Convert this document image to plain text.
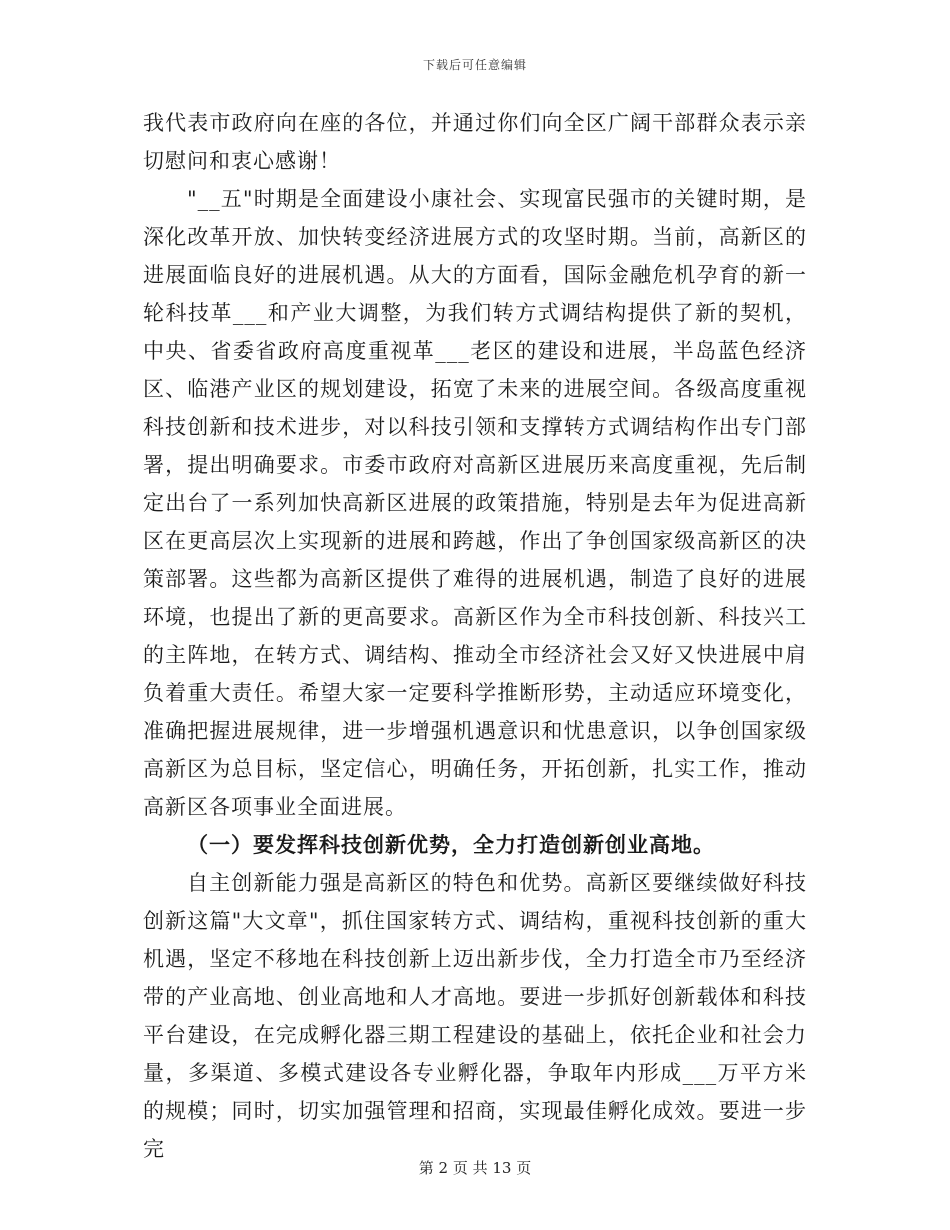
下载后可任意编辑

我代表市政府向在座的各位，并通过你们向全区广阔干部群众表示亲切慰问和衷心感谢！

"__五"时期是全面建设小康社会、实现富民强市的关键时期，是深化改革开放、加快转变经济进展方式的攻坚时期。当前，高新区的进展面临良好的进展机遇。从大的方面看，国际金融危机孕育的新一轮科技革___和产业大调整，为我们转方式调结构提供了新的契机，中央、省委省政府高度重视革___老区的建设和进展，半岛蓝色经济区、临港产业区的规划建设，拓宽了未来的进展空间。各级高度重视科技创新和技术进步，对以科技引领和支撑转方式调结构作出专门部署，提出明确要求。市委市政府对高新区进展历来高度重视，先后制定出台了一系列加快高新区进展的政策措施，特别是去年为促进高新区在更高层次上实现新的进展和跨越，作出了争创国家级高新区的决策部署。这些都为高新区提供了难得的进展机遇，制造了良好的进展环境，也提出了新的更高要求。高新区作为全市科技创新、科技兴工的主阵地，在转方式、调结构、推动全市经济社会又好又快进展中肩负着重大责任。希望大家一定要科学推断形势，主动适应环境变化，准确把握进展规律，进一步增强机遇意识和忧患意识，以争创国家级高新区为总目标，坚定信心，明确任务，开拓创新，扎实工作，推动高新区各项事业全面进展。

（一）要发挥科技创新优势，全力打造创新创业高地。

自主创新能力强是高新区的特色和优势。高新区要继续做好科技创新这篇"大文章"，抓住国家转方式、调结构，重视科技创新的重大机遇，坚定不移地在科技创新上迈出新步伐，全力打造全市乃至经济带的产业高地、创业高地和人才高地。要进一步抓好创新载体和科技平台建设，在完成孵化器三期工程建设的基础上，依托企业和社会力量，多渠道、多模式建设各专业孵化器，争取年内形成___万平方米的规模；同时，切实加强管理和招商，实现最佳孵化成效。要进一步完

第 2 页 共 13 页
